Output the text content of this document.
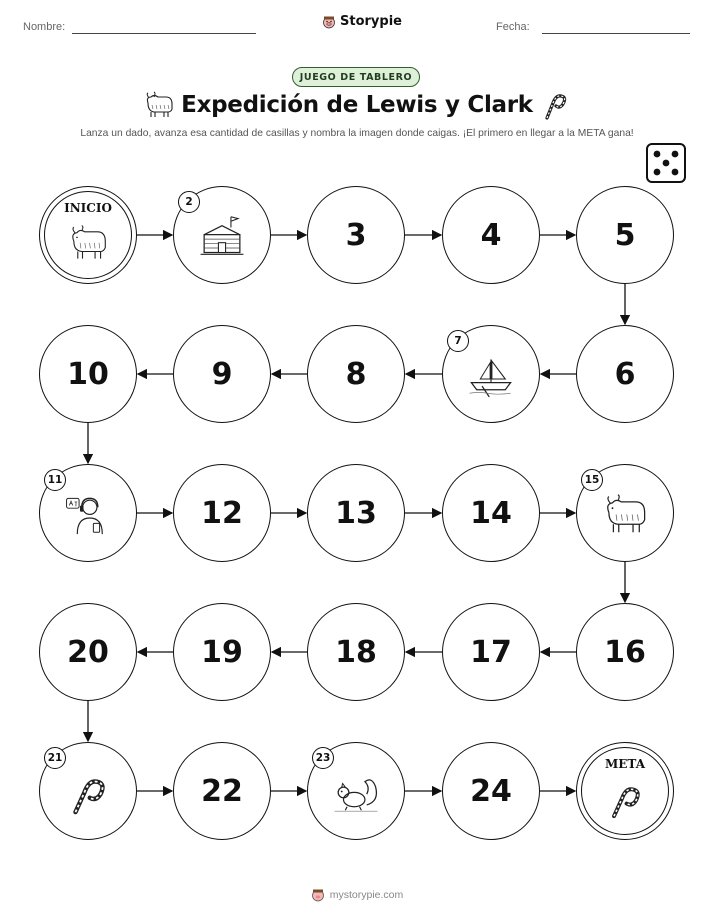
Nombre:	Storypie	Fecha:
JUEGO DE TABLERO
Expedición de Lewis y Clark
Lanza un dado, avanza esa cantidad de casillas y nombra la imagen donde caigas. ¡El primero en llegar a la META gana!
INICIO	2
3	4	5
6
7
8
9
10
11
12	13	14
15
16
17
18
19
20
21
22
23
24
META
mystorypie.com
